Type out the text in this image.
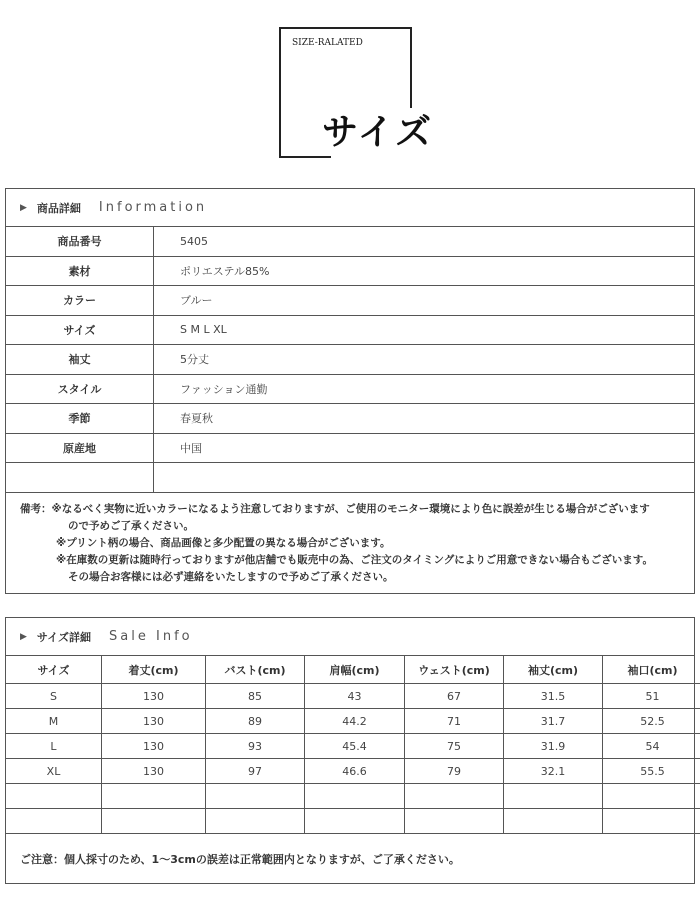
SIZE-RALATED
サイズ
▶ 商品詳細 Information
商品番号	5405
素材	ポリエステル85%
カラー	ブルー
サイズ	S M L XL
袖丈	5分丈
スタイル	ファッション通勤
季節	春夏秋
原産地	中国
備考：※なるべく実物に近いカラーになるよう注意しておりますが、ご使用のモニター環境により色に誤差が生じる場合がございます
ので予めご了承ください。
※プリント柄の場合、商品画像と多少配置の異なる場合がございます。
※在庫数の更新は随時行っておりますが他店舗でも販売中の為、ご注文のタイミングによりご用意できない場合もございます。
その場合お客様には必ず連絡をいたしますので予めご了承ください。
▶ サイズ詳細 Sale Info
サイズ	着丈(cm)	バスト(cm)	肩幅(cm)	ウェスト(cm)	袖丈(cm)	袖口(cm)
S	130	85	43	67	31.5	51
M	130	89	44.2	71	31.7	52.5
L	130	93	45.4	75	31.9	54
XL	130	97	46.6	79	32.1	55.5

ご注意：個人採寸のため、1～3cmの誤差は正常範囲内となりますが、ご了承ください。
